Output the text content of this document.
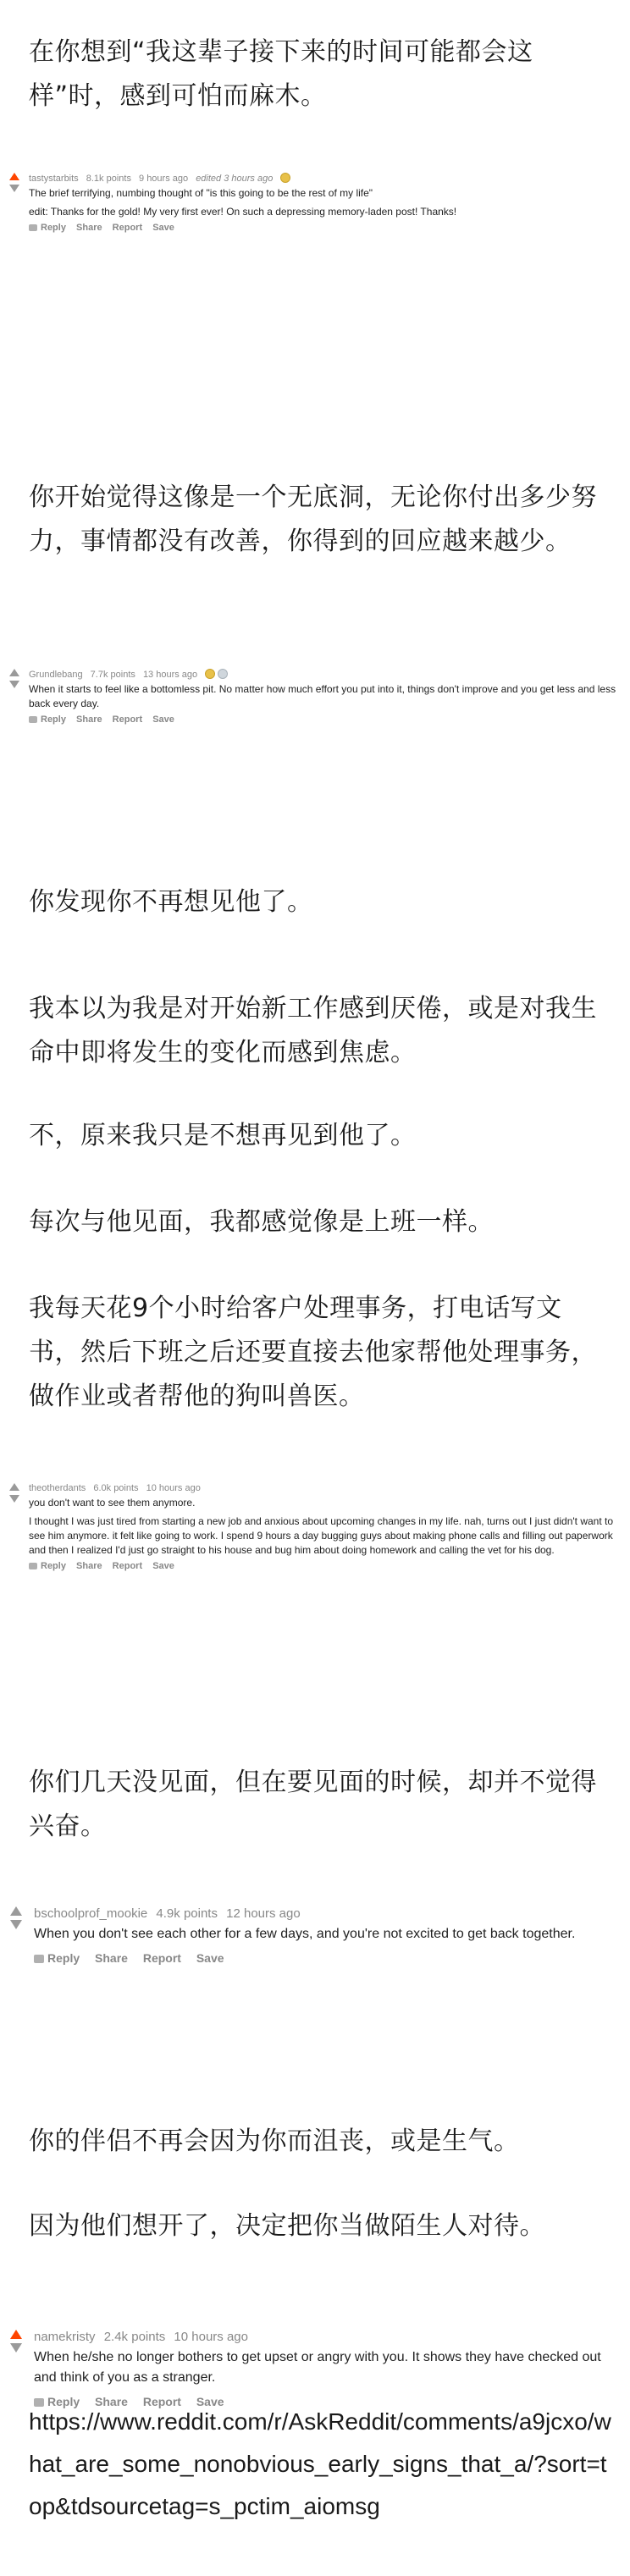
在你想到“我这辈子接下来的时间可能都会这样”时，感到可怕而麻木。
tastystarbits 8.1k points 9 hours ago edited 3 hours ago

The brief terrifying, numbing thought of "is this going to be the rest of my life"

edit: Thanks for the gold! My very first ever! On such a depressing memory-laden post! Thanks!

Reply Share Report Save
你开始觉得这像是一个无底洞，无论你付出多少努力，事情都没有改善，你得到的回应越来越少。
Grundlebang 7.7k points 13 hours ago

When it starts to feel like a bottomless pit. No matter how much effort you put into it, things don't improve and you get less and less back every day.

Reply Share Report Save
你发现你不再想见他了。
我本以为我是对开始新工作感到厌倦，或是对我生命中即将发生的变化而感到焦虑。
不，原来我只是不想再见到他了。
每次与他见面，我都感觉像是上班一样。
我每天花9个小时给客户处理事务，打电话写文书，然后下班之后还要直接去他家帮他处理事务，做作业或者帮他的狗叫兽医。
theotherdants 6.0k points 10 hours ago

you don't want to see them anymore.

I thought I was just tired from starting a new job and anxious about upcoming changes in my life. nah, turns out I just didn't want to see him anymore. it felt like going to work. I spend 9 hours a day bugging guys about making phone calls and filling out paperwork and then I realized I'd just go straight to his house and bug him about doing homework and calling the vet for his dog.

Reply Share Report Save
你们几天没见面，但在要见面的时候，却并不觉得兴奋。
bschoolprof_mookie 4.9k points 12 hours ago

When you don't see each other for a few days, and you're not excited to get back together.

Reply Share Report Save
你的伴侣不再会因为你而沮丧，或是生气。
因为他们想开了，决定把你当做陌生人对待。
namekristy 2.4k points 10 hours ago

When he/she no longer bothers to get upset or angry with you. It shows they have checked out and think of you as a stranger.

Reply Share Report Save
https://www.reddit.com/r/AskReddit/comments/a9jcxo/what_are_some_nonobvious_early_signs_that_a/?sort=top&tdsourcetag=s_pctim_aiomsg
